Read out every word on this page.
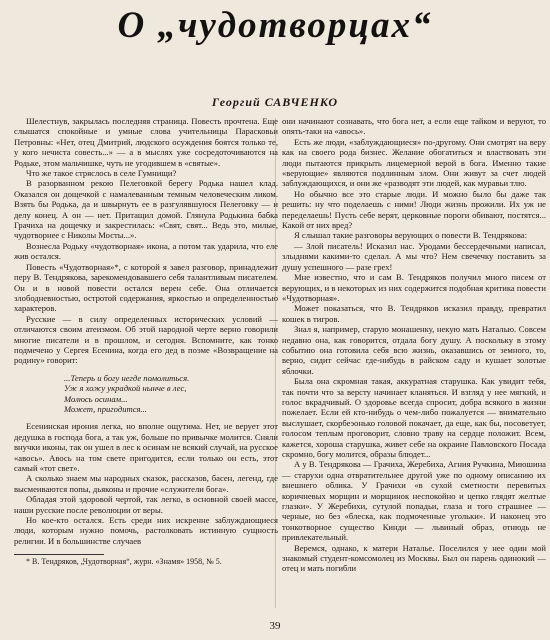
О „чудотворцах“
Георгий САВЧЕНКО

Шелестнув, закрылась последняя страница. Повесть прочтена. Еще слышатся спокойные и умные слова учительницы Парасковьи Петровны: «Нет, отец Дмитрий, людского осуждения боятся только те, у кого нечиста совесть...» — а в мыслях уже сосредоточиваются на Родьке, этом мальчишке, чуть не угодившем в «святые».

Что же такое стряслось в селе Гумнищи?

В разорванном рекою Пелеговкой берегу Родька нашел клад. Оказался он дощечкой с намалеванным темным человеческим ликом. Взять бы Родька, да и швырнуть ее в разгулявшуюся Пелеговку — и делу конец. А он — нет. Притащил домой. Глянула Родькина бабка Грачиха на дощечку и закрестилась: «Свят, свят... Ведь это, милые, чудотворнее с Николы Мосты...».

Вознесла Родьку «чудотворная» икона, а потом так ударила, что еле жив остался.

Повесть «Чудотворная»*, с которой я завел разговор, принадлежит перу В. Тендрякова, зарекомендовавшего себя талантливым писателем. Он и в новой повести остался верен себе. Она отличается злободневностью, остротой содержания, яркостью и определенностью характеров.

Русские — в силу определенных исторических условий — отличаются своим атеизмом. Об этой народной черте верно говорили многие писатели и в прошлом, и сегодня. Вспомните, как тонко подмечено у Сергея Есенина, когда его дед в поэме «Возвращение на родину» говорит:

...Теперь и богу негде помолиться.
Уж я хожу украдкой нынче в лес,
Молюсь осинам...
Может, пригодится...

Есенинская ирония легка, но вполне ощутима. Нет, не верует этот дедушка в господа бога, а так уж, больше по привычке молится. Сняли внучки иконы, так он ушел в лес к осинам не всякий случай, на русское «авось». Авось на том свете пригодится, если только он есть, этот самый «тот свет».

А сколько знаем мы народных сказок, рассказов, басен, легенд, где высмеиваются попы, дьяконы и прочие «служители бога».

Обладая этой здоровой чертой, так легко, в основной своей массе, наши русские после революции от веры.

Но кое-кто остался. Есть среди них искренне заблуждающиеся люди, которым нужно помочь, растолковать истинную сущность религии. И в большинстве случаев

* В. Тендряков, „Чудотворная“, журн. «Знамя» 1958, № 5.

они начинают сознавать, что бога нет, а если еще тайком и веруют, то опять-таки на «авось».

Есть же люди, «заблуждающиеся» по-другому. Они смотрят на веру как на своего рода бизнес. Желание обогатиться и властвовать эти люди пытаются прикрыть лицемерной верой в бога. Именно такие «верующие» являются подлинным злом. Они живут за счет людей заблуждающихся, и они же «разводят эти людей, как муравьи тлю.

Но обычно все это старые люди. И можно было бы даже так решить: ну что поделаешь с ними! Люди жизнь прожили. Их уж не переделаешь! Пусть себе верят, церковные пороги обивают, постятся... Какой от них вред?

Я слышал такие разговоры верующих о повести В. Тендрякова:

— Злой писатель! Исказил нас. Уродами бессердечными написал, злыднями какими-то сделал. А мы что? Нем свечечку поставить за душу успешного — разе грех!

Мне известно, что и сам В. Тендряков получил много писем от верующих, и в некоторых из них содержится подобная критика повести «Чудотворная».

Может показаться, что В. Тендряков исказил правду, превратил кошек в тигров.

Знал я, например, старую монашенку, некую мать Наталью. Совсем недавно она, как говорится, отдала богу душу. А поскольку в этому событию она готовила себя всю жизнь, оказавшись от земного, то, верно, сидит сейчас где-нибудь в райском саду и кушает золотые яблочки.

Была она скромная такая, аккуратная старушка. Как увидит тебя, так почти что за версту начинает кланяться. И взгляд у нее мягкий, и голос вкрадчивый. О здоровье всегда спросит, добра всякого в жизни пожелает. Если ей кто-нибудь о чем-либо пожалуется — внимательно выслушает, скорбеэонько головой покачает, да еще, как бы, посоветует, голосом теплым проговорит, словно траву на сердце положит. Всем, кажется, хороша старушка, живет себе на окраине Павловского Посада скромно, богу молится, образы блюдет...

А у В. Тендрякова — Грачиха, Жеребиха, Агния Ручкина, Миюшина — старухи одна отвратительнее другой уже по одному описанию их внешнего облика. У Грачихи «в сухой сметности перевитых коричневых морщин и морщинок неспокойно и цепко глядят желтые глазки». У Жеребихи, сутулой попадьи, глаза и того страшнее — черные, но без «блеска, как подмоченные угольки». И наконец это тонкотворное существо Кинди — львиный образ, отнюдь не привлекательный.

Веремся, однако, к матери Наталье. Поселился у нее один мой знакомый студент-комсомолец из Москвы. Был он парень одинокий — отец и мать погибли

39
